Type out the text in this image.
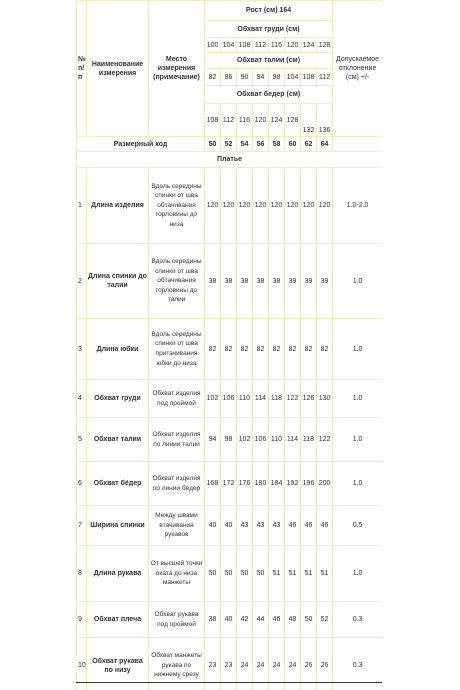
№ п/п	Наименование измерения	Место измерения (примечание)	Рост (см) 164								Допускаемое отклонение (см) +/-
			Обхват груди (см)								
			100	104	108	112	116	120	124	128	
			Обхват талии (см)								
			82	86	90	94	98	104	108	112	
			Обхват бедер (см)								
			108	112	116	120	124	128			
									132	136	
Размерный код			50	52	54	56	58	60	62	64	
Платье											
1	Длина изделия	Вдоль середины спинки от шва обтачивания горловины до низа	120	120	120	120	120	120	120	120	1.0-2.0
2	Длина спинки до талии	Вдоль середины спинки от шва обтачивания горловины до талии	38	38	38	38	38	39	39	39	1.0
3	Длина юбки	Вдоль середины спинки от шва притачивания юбки до низа	82	82	82	82	82	82	82	82	1.0
4	Обхват груди	Обхват изделия под проймой	102	106	110	114	118	122	126	130	1.0
5	Обхват талии	Обхват изделия по линии талии	94	98	102	106	110	114	118	122	1.0
6	Обхват бёдер	Обхват изделия по линии бёдер	168	172	176	180	184	192	196	200	1.0
7	Ширина спинки	Между швами втачивания рукавов	40	40	43	43	43	46	46	46	0,5
8	Длина рукава	От высшей точки оката до низа манжеты	50	50	50	50	51	51	51	51	1.0
9	Обхват плеча	Обхват рукава под проймой	38	40	42	44	46	48	50	52	0.3
10	Обхват рукава по низу	Обхват манжеты рукава по нижнему срезу	23	23	24	24	24	24	26	26	0.3
